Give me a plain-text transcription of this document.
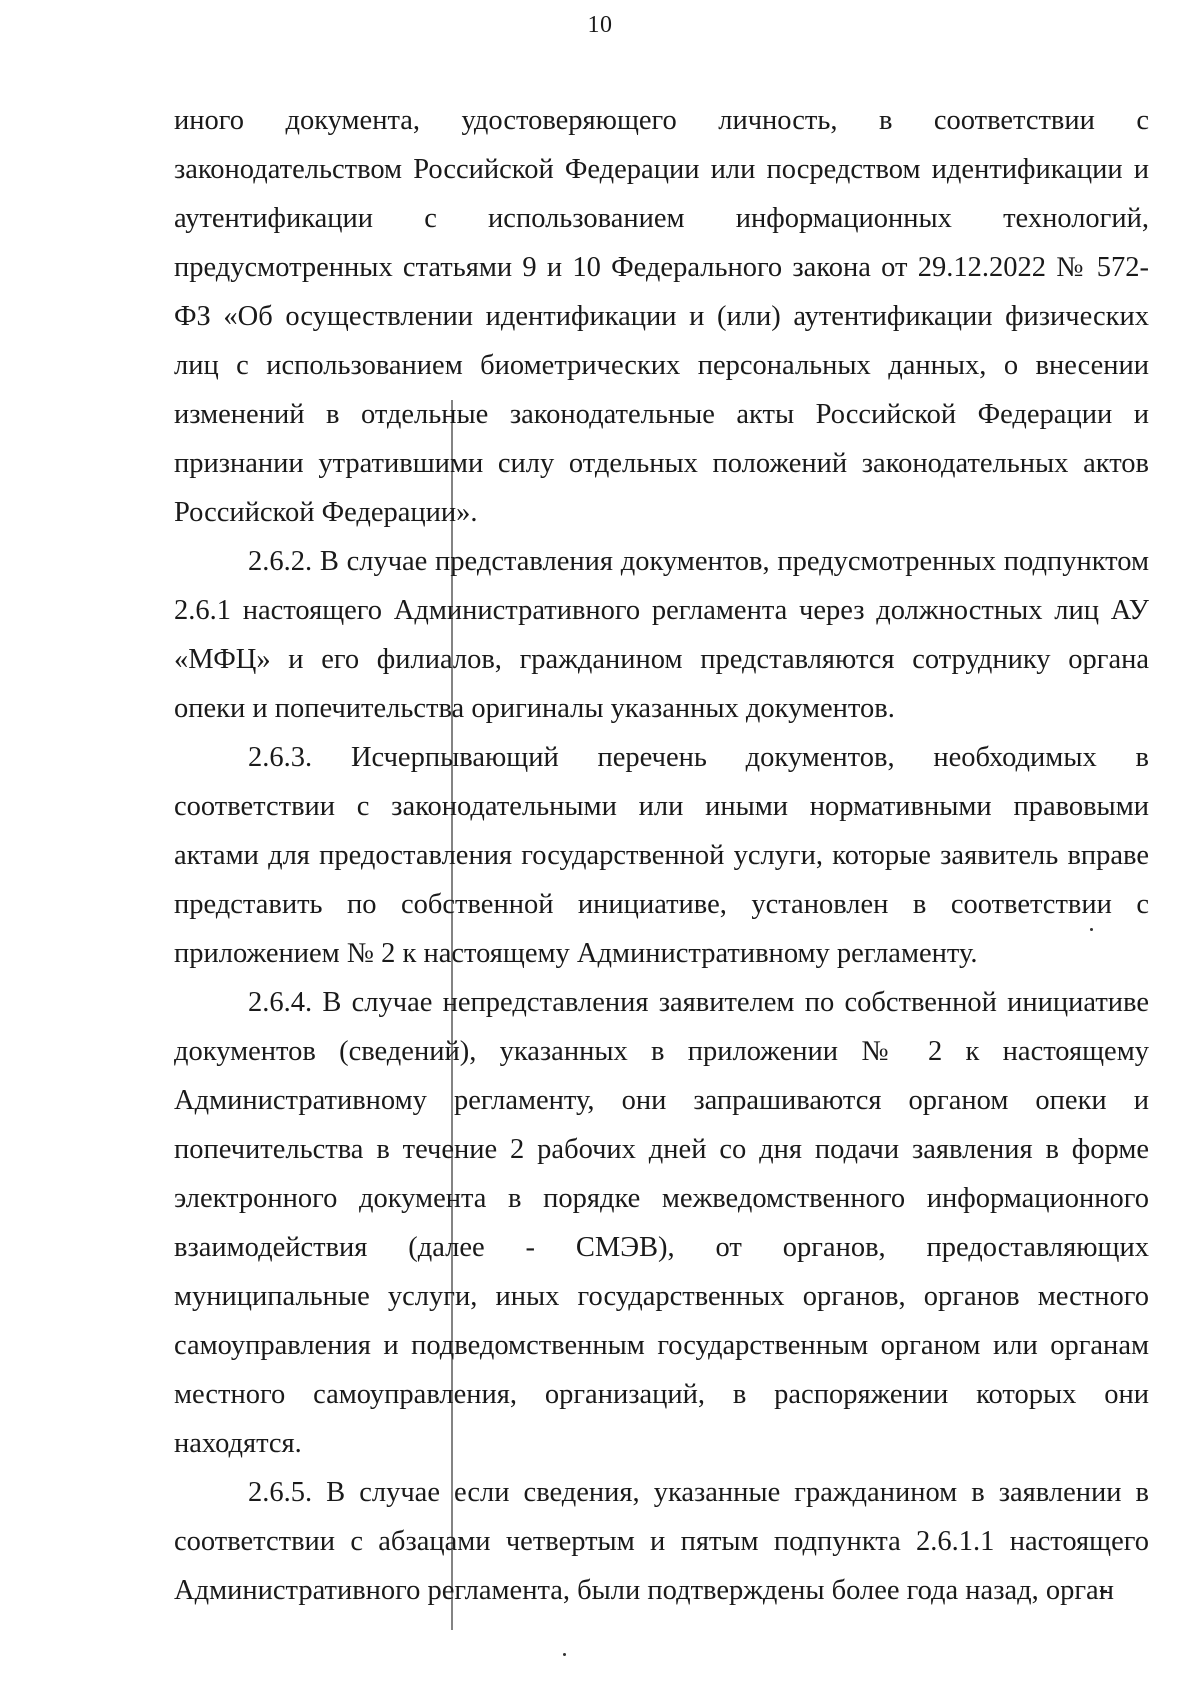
10

иного документа, удостоверяющего личность, в соответствии с законодательством Российской Федерации или посредством идентификации и аутентификации с использованием информационных технологий, предусмотренных статьями 9 и 10 Федерального закона от 29.12.2022 № 572-ФЗ «Об осуществлении идентификации и (или) аутентификации физических лиц с использованием биометрических персональных данных, о внесении изменений в отдельные законодательные акты Российской Федерации и признании утратившими силу отдельных положений законодательных актов Российской Федерации».

2.6.2. В случае представления документов, предусмотренных подпунктом 2.6.1 настоящего Административного регламента через должностных лиц АУ «МФЦ» и его филиалов, гражданином представляются сотруднику органа опеки и попечительства оригиналы указанных документов.

2.6.3. Исчерпывающий перечень документов, необходимых в соответствии с законодательными или иными нормативными правовыми актами для предоставления государственной услуги, которые заявитель вправе представить по собственной инициативе, установлен в соответствии с приложением № 2 к настоящему Административному регламенту.

2.6.4. В случае непредставления заявителем по собственной инициативе документов (сведений), указанных в приложении № 2 к настоящему Административному регламенту, они запрашиваются органом опеки и попечительства в течение 2 рабочих дней со дня подачи заявления в форме электронного документа в порядке межведомственного информационного взаимодействия (далее - СМЭВ), от органов, предоставляющих муниципальные услуги, иных государственных органов, органов местного самоуправления и подведомственным государственным органом или органам местного самоуправления, организаций, в распоряжении которых они находятся.

2.6.5. В случае если сведения, указанные гражданином в заявлении в соответствии с абзацами четвертым и пятым подпункта 2.6.1.1 настоящего Административного регламента, были подтверждены более года назад, орган
